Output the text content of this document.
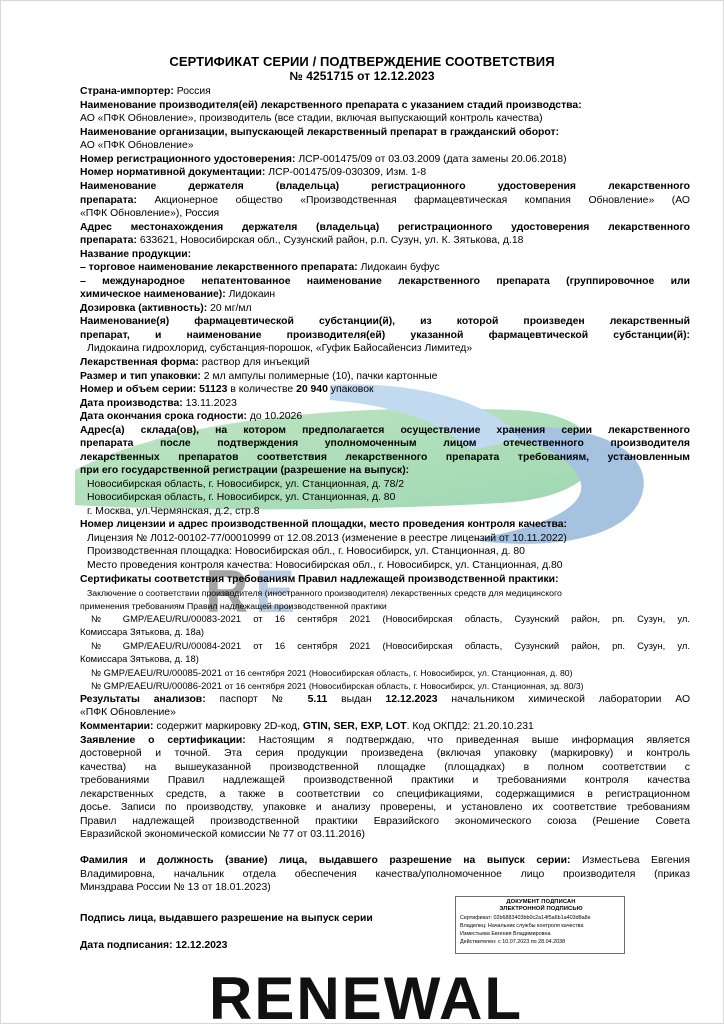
R E
RENEWAL
СЕРТИФИКАТ СЕРИИ / ПОДТВЕРЖДЕНИЕ СООТВЕТСТВИЯ
№ 4251715 от 12.12.2023
Страна-импортер: Россия
Наименование производителя(ей) лекарственного препарата с указанием стадий производства:
АО «ПФК Обновление», производитель (все стадии, включая выпускающий контроль качества)
Наименование организации, выпускающей лекарственный препарат в гражданский оборот:
АО «ПФК Обновление»
Номер регистрационного удостоверения: ЛСР-001475/09 от 03.03.2009 (дата замены 20.06.2018)
Номер нормативной документации: ЛСР-001475/09-030309, Изм. 1-8
Наименование держателя (владельца) регистрационного удостоверения лекарственного
препарата: Акционерное общество «Производственная фармацевтическая компания Обновление» (АО
«ПФК Обновление»), Россия
Адрес местонахождения держателя (владельца) регистрационного удостоверения лекарственного
препарата: 633621, Новосибирская обл., Сузунский район, р.п. Сузун, ул. К. Зятькова, д.18
Название продукции:
– торговое наименование лекарственного препарата: Лидокаин буфус
– международное непатентованное наименование лекарственного препарата (группировочное или
химическое наименование): Лидокаин
Дозировка (активность): 20 мг/мл
Наименование(я) фармацевтической субстанции(й), из которой произведен лекарственный
препарат, и наименование производителя(ей) указанной фармацевтической субстанции(й):
Лидокаина гидрохлорид, субстанция-порошок, «Гуфик Байосайенсиз Лимитед»
Лекарственная форма: раствор для инъекций
Размер и тип упаковки: 2 мл ампулы полимерные (10), пачки картонные
Номер и объем серии: 51123 в количестве 20 940 упаковок
Дата производства: 13.11.2023
Дата окончания срока годности: до 10.2026
Адрес(а) склада(ов), на котором предполагается осуществление хранения серии лекарственного
препарата после подтверждения уполномоченным лицом отечественного производителя
лекарственных препаратов соответствия лекарственного препарата требованиям, установленным
при его государственной регистрации (разрешение на выпуск):
Новосибирская область, г. Новосибирск, ул. Станционная, д. 78/2
Новосибирская область, г. Новосибирск, ул. Станционная, д. 80
г. Москва, ул.Чермянская, д.2, стр.8
Номер лицензии и адрес производственной площадки, место проведения контроля качества:
Лицензия № Л012-00102-77/00010999 от 12.08.2013 (изменение в реестре лицензий от 10.11.2022)
Производственная площадка: Новосибирская обл., г. Новосибирск, ул. Станционная, д. 80
Место проведения контроля качества: Новосибирская обл., г. Новосибирск, ул. Станционная, д.80
Сертификаты соответствия требованиям Правил надлежащей производственной практики:
Заключение о соответствии производителя (иностранного производителя) лекарственных средств для медицинского
применения требованиям Правил надлежащей производственной практики
№ GMP/EAEU/RU/00083-2021 от 16 сентября 2021 (Новосибирская область, Сузунский район, рп. Сузун, ул.
Комиссара Зятькова, д. 18а)
№ GMP/EAEU/RU/00084-2021 от 16 сентября 2021 (Новосибирская область, Сузунский район, рп. Сузун, ул.
Комиссара Зятькова, д. 18)
№ GMP/EAEU/RU/00085-2021 от 16 сентября 2021 (Новосибирская область, г. Новосибирск, ул. Станционная, д. 80)
№ GMP/EAEU/RU/00086-2021 от 16 сентября 2021 (Новосибирская область, г. Новосибирск, ул. Станционная, зд. 80/3)
Результаты анализов: паспорт № 5.11 выдан 12.12.2023 начальником химической лаборатории АО
«ПФК Обновление»
Комментарии: содержит маркировку 2D-код, GTIN, SER, EXP, LOT. Код ОКПД2: 21.20.10.231
Заявление о сертификации: Настоящим я подтверждаю, что приведенная выше информация является
достоверной и точной. Эта серия продукции произведена (включая упаковку (маркировку) и контроль
качества) на вышеуказанной производственной площадке (площадках) в полном соответствии с
требованиями Правил надлежащей производственной практики и требованиями контроля качества
лекарственных средств, а также в соответствии со спецификациями, содержащимися в регистрационном
досье. Записи по производству, упаковке и анализу проверены, и установлено их соответствие требованиям
Правил надлежащей производственной практики Евразийского экономического союза (Решение Совета
Евразийской экономической комиссии № 77 от 03.11.2016)
Фамилия и должность (звание) лица, выдавшего разрешение на выпуск серии: Изместьева Евгения
Владимировна, начальник отдела обеспечения качества/уполномоченное лицо производителя (приказ
Минздрава России № 13 от 18.01.2023)
Подпись лица, выдавшего разрешение на выпуск серии
Дата подписания: 12.12.2023
ДОКУМЕНТ ПОДПИСАН
ЭЛЕКТРОННОЙ ПОДПИСЬЮ
Сертификат: 02b6883403bb0c2a14f5a6b1a403d8a8e
Владелец: Начальник службы контроля качества
Изместьева Евгения Владимировна
Действителен: с 10.07.2023 по 28.04.2038
